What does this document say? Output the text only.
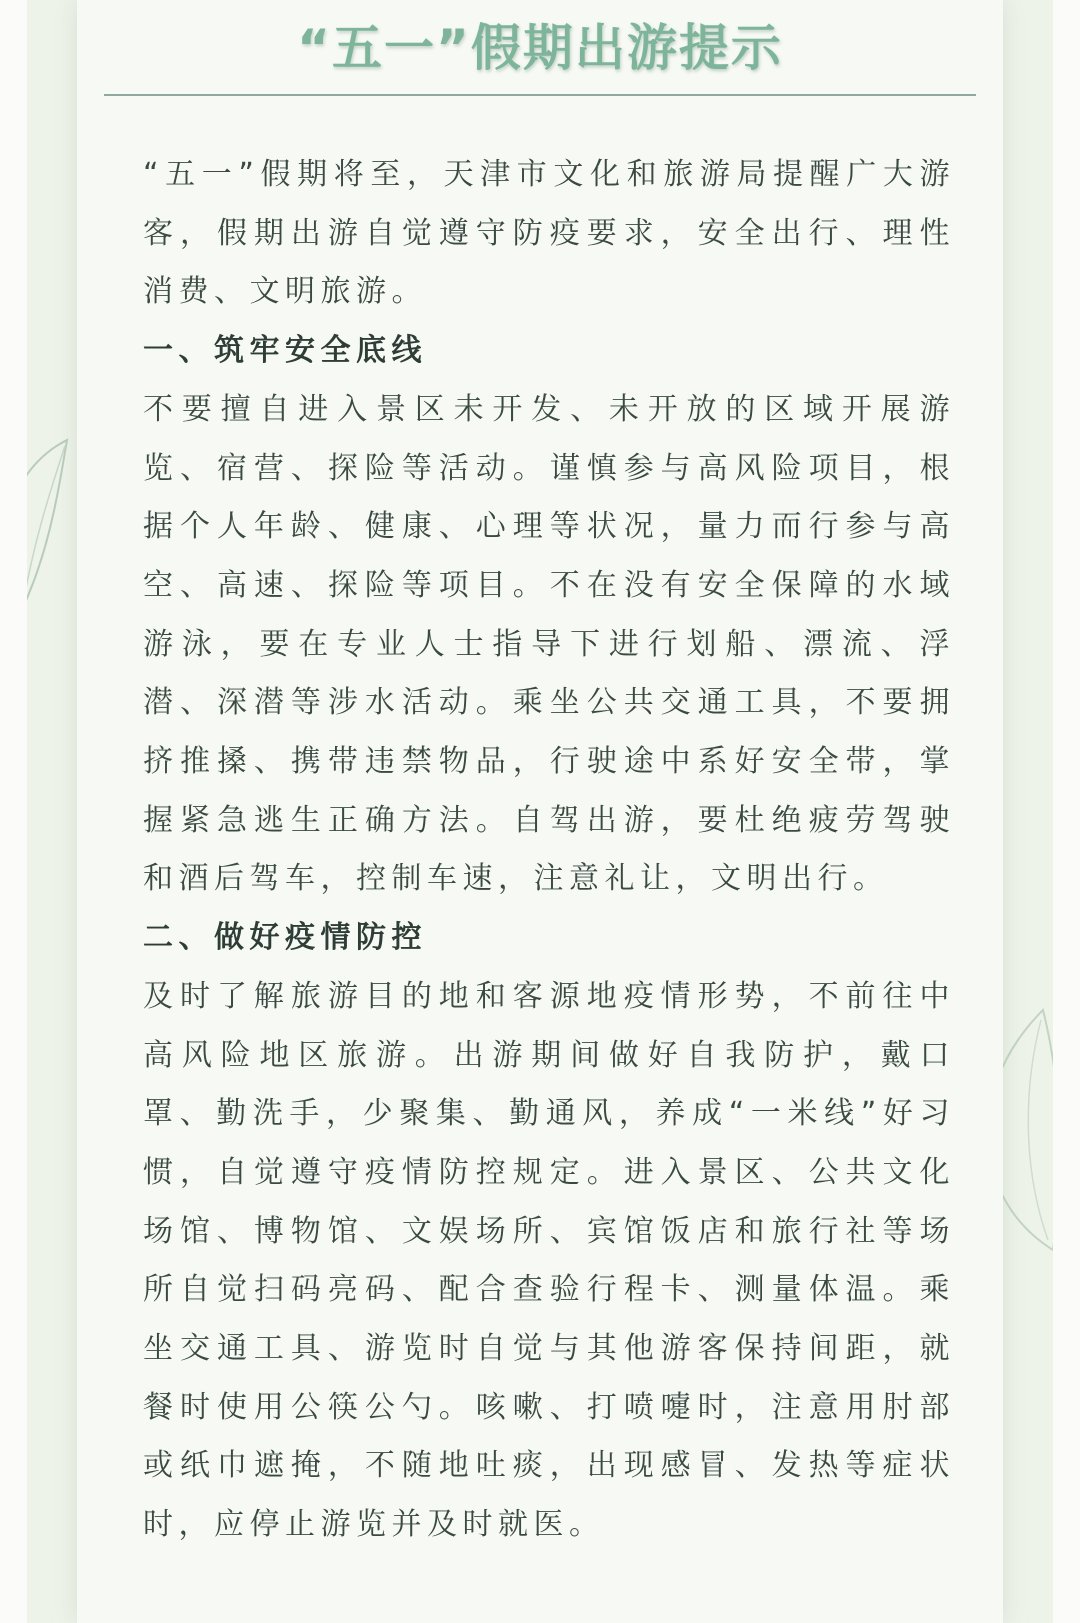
“五一”假期出游提示

“五一”假期将至，天津市文化和旅游局提醒广大游客，假期出游自觉遵守防疫要求，安全出行、理性消费、文明旅游。

一、筑牢安全底线

不要擅自进入景区未开发、未开放的区域开展游览、宿营、探险等活动。谨慎参与高风险项目，根据个人年龄、健康、心理等状况，量力而行参与高空、高速、探险等项目。不在没有安全保障的水域游泳，要在专业人士指导下进行划船、漂流、浮潜、深潜等涉水活动。乘坐公共交通工具，不要拥挤推搡、携带违禁物品，行驶途中系好安全带，掌握紧急逃生正确方法。自驾出游，要杜绝疲劳驾驶和酒后驾车，控制车速，注意礼让，文明出行。

二、做好疫情防控

及时了解旅游目的地和客源地疫情形势，不前往中高风险地区旅游。出游期间做好自我防护，戴口罩、勤洗手，少聚集、勤通风，养成“一米线”好习惯，自觉遵守疫情防控规定。进入景区、公共文化场馆、博物馆、文娱场所、宾馆饭店和旅行社等场所自觉扫码亮码、配合查验行程卡、测量体温。乘坐交通工具、游览时自觉与其他游客保持间距，就餐时使用公筷公勺。咳嗽、打喷嚏时，注意用肘部或纸巾遮掩，不随地吐痰，出现感冒、发热等症状时，应停止游览并及时就医。
